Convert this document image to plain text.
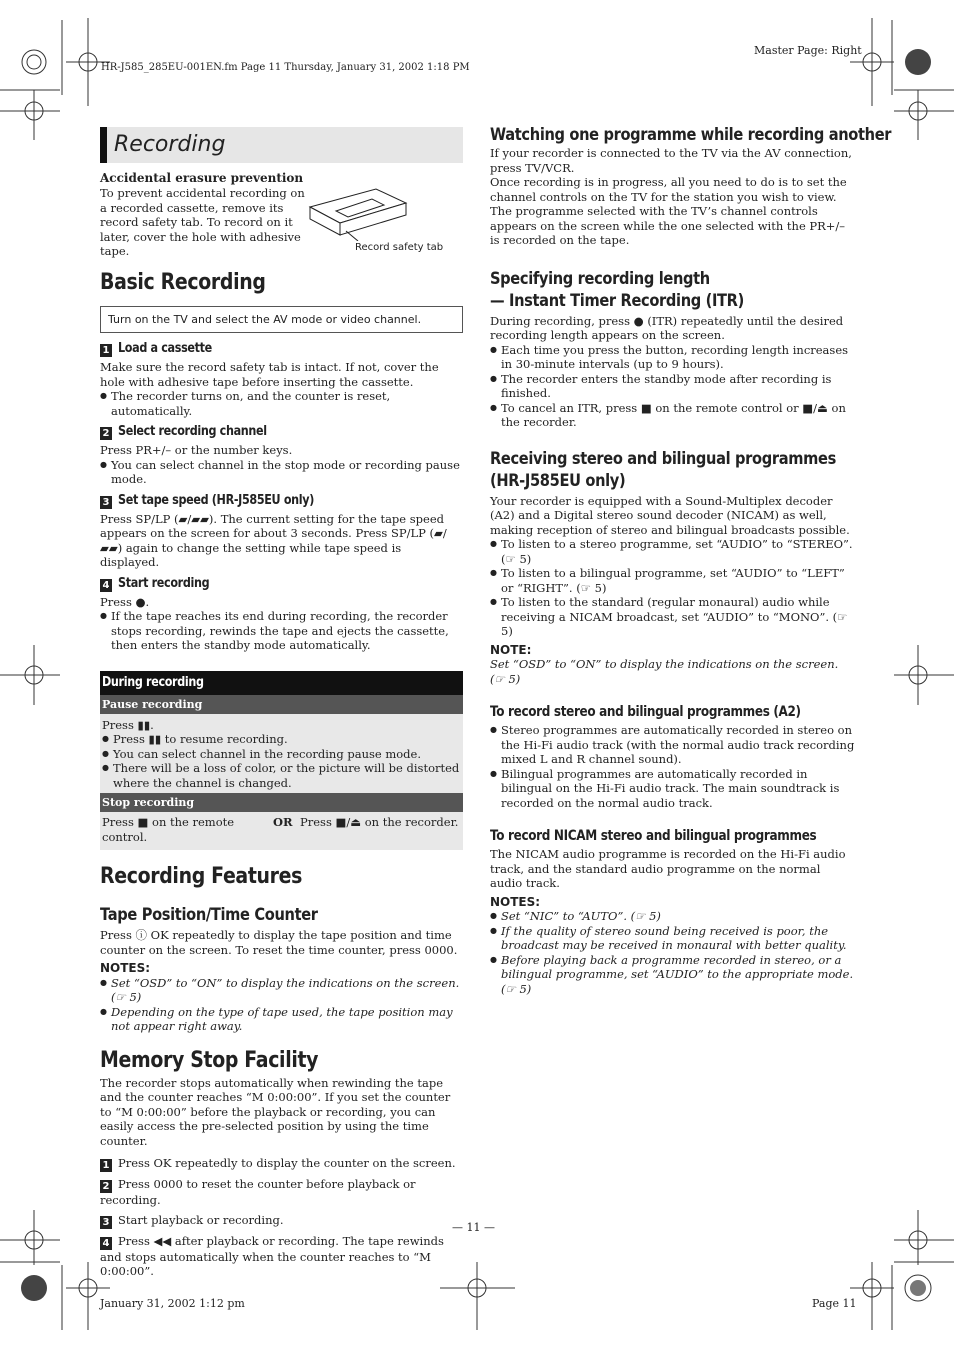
HR-J585_285EU-001EN.fm Page 11 Thursday, January 31, 2002 1:18 PM
Master Page: Right
Recording
Accidental erasure prevention
To prevent accidental recording on a recorded cassette, remove its record safety tab. To record on it later, cover the hole with adhesive tape.	Record safety tab
Basic Recording
Turn on the TV and select the AV mode or video channel.
1 Load a cassette

Make sure the record safety tab is intact. If not, cover the hole with adhesive tape before inserting the cassette.

● The recorder turns on, and the counter is reset, automatically.
2 Select recording channel

Press PR+/– or the number keys.

● You can select channel in the stop mode or recording pause mode.
3 Set tape speed (HR-J585EU only)

Press SP/LP (▰/▰▰). The current setting for the tape speed appears on the screen for about 3 seconds. Press SP/LP (▰/▰▰) again to change the setting while tape speed is displayed.

4 Start recording

Press ●.

● If the tape reaches its end during recording, the recorder stops recording, rewinds the tape and ejects the cassette, then enters the standby mode automatically.
During recording
Pause recording

Press ▮▮.

● Press ▮▮ to resume recording.
● You can select channel in the recording pause mode.
● There will be a loss of color, or the picture will be distorted where the channel is changed.
Stop recording
Press ■ on the remote control.
OR Press ■/⏏ on the recorder.
Recording Features
Tape Position/Time Counter

Press ⓘ OK repeatedly to display the tape position and time counter on the screen. To reset the time counter, press 0000.

NOTES:
● Set “OSD” to “ON” to display the indications on the screen. (☞ 5)
● Depending on the type of tape used, the tape position may not appear right away.
Memory Stop Facility

The recorder stops automatically when rewinding the tape and the counter reaches “M 0:00:00”. If you set the counter to “M 0:00:00” before the playback or recording, you can easily access the pre-selected position by using the time counter.

1 Press OK repeatedly to display the counter on the screen.
2 Press 0000 to reset the counter before playback or recording.
3 Start playback or recording.
4 Press ◀◀ after playback or recording. The tape rewinds and stops automatically when the counter reaches to “M 0:00:00”.
Watching one programme while recording another

If your recorder is connected to the TV via the AV connection, press TV/VCR.

Once recording is in progress, all you need to do is to set the channel controls on the TV for the station you wish to view.

The programme selected with the TV’s channel controls appears on the screen while the one selected with the PR+/– is recorded on the tape.

Specifying recording length
— Instant Timer Recording (ITR)

During recording, press ● (ITR) repeatedly until the desired recording length appears on the screen.

● Each time you press the button, recording length increases in 30-minute intervals (up to 9 hours).
● The recorder enters the standby mode after recording is finished.
● To cancel an ITR, press ■ on the remote control or ■/⏏ on the recorder.
Receiving stereo and bilingual programmes
(HR-J585EU only)

Your recorder is equipped with a Sound-Multiplex decoder (A2) and a Digital stereo sound decoder (NICAM) as well, making reception of stereo and bilingual broadcasts possible.

● To listen to a stereo programme, set “AUDIO” to “STEREO”. (☞ 5)
● To listen to a bilingual programme, set “AUDIO” to “LEFT” or “RIGHT”. (☞ 5)
● To listen to the standard (regular monaural) audio while receiving a NICAM broadcast, set “AUDIO” to “MONO”. (☞ 5)
NOTE:

Set “OSD” to “ON” to display the indications on the screen. (☞ 5)

To record stereo and bilingual programmes (A2)
● Stereo programmes are automatically recorded in stereo on the Hi-Fi audio track (with the normal audio track recording mixed L and R channel sound).
● Bilingual programmes are automatically recorded in bilingual on the Hi-Fi audio track. The main soundtrack is recorded on the normal audio track.
To record NICAM stereo and bilingual programmes

The NICAM audio programme is recorded on the Hi-Fi audio track, and the standard audio programme on the normal audio track.

NOTES:
● Set “NIC” to “AUTO”. (☞ 5)
● If the quality of stereo sound being received is poor, the broadcast may be received in monaural with better quality.
● Before playing back a programme recorded in stereo, or a bilingual programme, set “AUDIO” to the appropriate mode. (☞ 5)
— 11 —
January 31, 2002 1:12 pm	Page 11
